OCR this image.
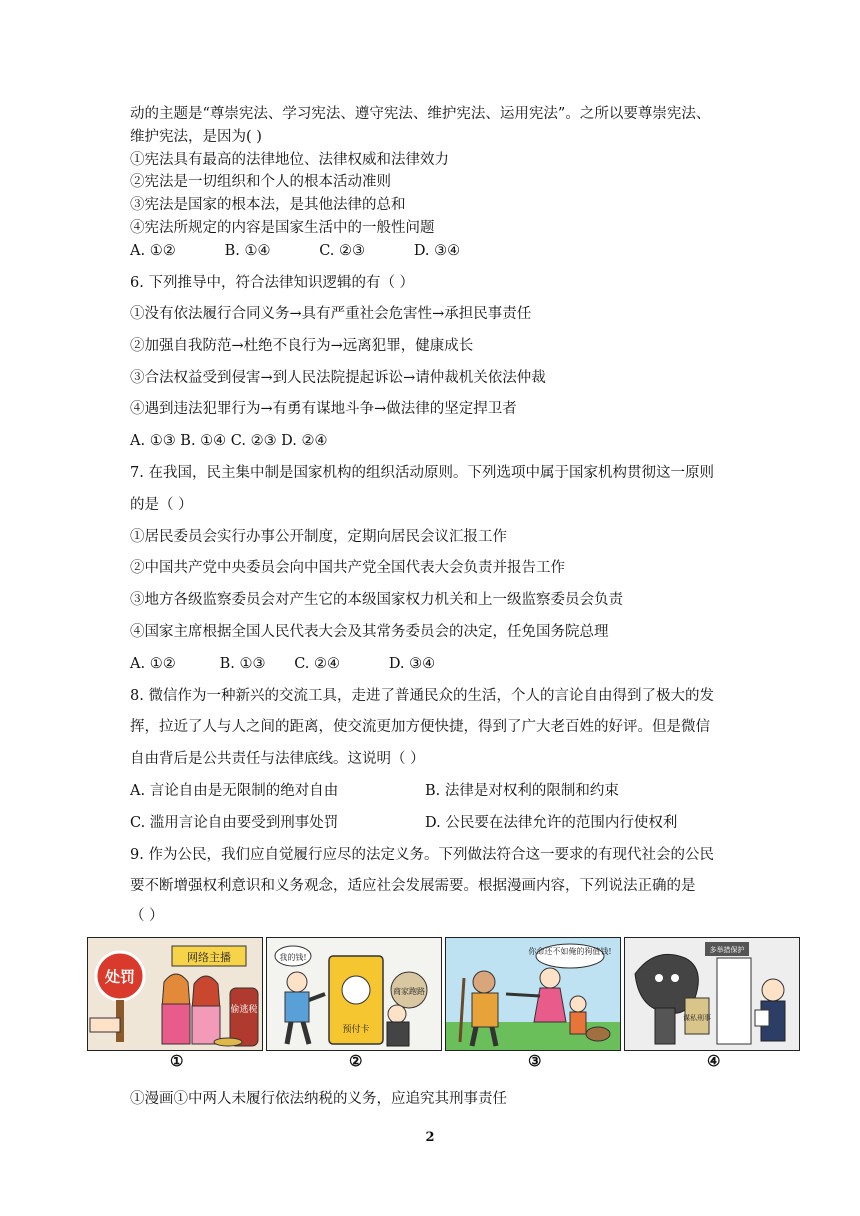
动的主题是“尊崇宪法、学习宪法、遵守宪法、维护宪法、运用宪法”。之所以要尊崇宪法、
维护宪法，是因为( )
①宪法具有最高的法律地位、法律权威和法律效力
②宪法是一切组织和个人的根本活动准则
③宪法是国家的根本法，是其他法律的总和
④宪法所规定的内容是国家生活中的一般性问题
A. ①②	B. ①④	C. ②③	D. ③④
6. 下列推导中，符合法律知识逻辑的有（ ）
①没有依法履行合同义务→具有严重社会危害性→承担民事责任
②加强自我防范→杜绝不良行为→远离犯罪，健康成长
③合法权益受到侵害→到人民法院提起诉讼→请仲裁机关依法仲裁
④遇到违法犯罪行为→有勇有谋地斗争→做法律的坚定捍卫者
A. ①③ B. ①④ C. ②③ D. ②④
7. 在我国，民主集中制是国家机构的组织活动原则。下列选项中属于国家机构贯彻这一原则
的是（ ）
①居民委员会实行办事公开制度，定期向居民会议汇报工作
②中国共产党中央委员会向中国共产党全国代表大会负责并报告工作
③地方各级监察委员会对产生它的本级国家权力机关和上一级监察委员会负责
④国家主席根据全国人民代表大会及其常务委员会的决定，任免国务院总理
A. ①②	B. ①③ C. ②④	D. ③④
8. 微信作为一种新兴的交流工具，走进了普通民众的生活，个人的言论自由得到了极大的发
挥，拉近了人与人之间的距离，使交流更加方便快捷，得到了广大老百姓的好评。但是微信
自由背后是公共责任与法律底线。这说明（ ）
A. 言论自由是无限制的绝对自由	B. 法律是对权利的限制和约束
C. 滥用言论自由要受到刑事处罚	D. 公民要在法律允许的范围内行使权利
9. 作为公民，我们应自觉履行应尽的法定义务。下列做法符合这一要求的有现代社会的公民
要不断增强权利意识和义务观念，适应社会发展需要。根据漫画内容，下列说法正确的是
（ ）
处罚
网络主播
偷逃税
我的钱!
预付卡
商家跑路
你命还不如俺的狗值钱!	多举措保护
谋私刑事
①	②	③	④
①漫画①中两人未履行依法纳税的义务，应追究其刑事责任
2
